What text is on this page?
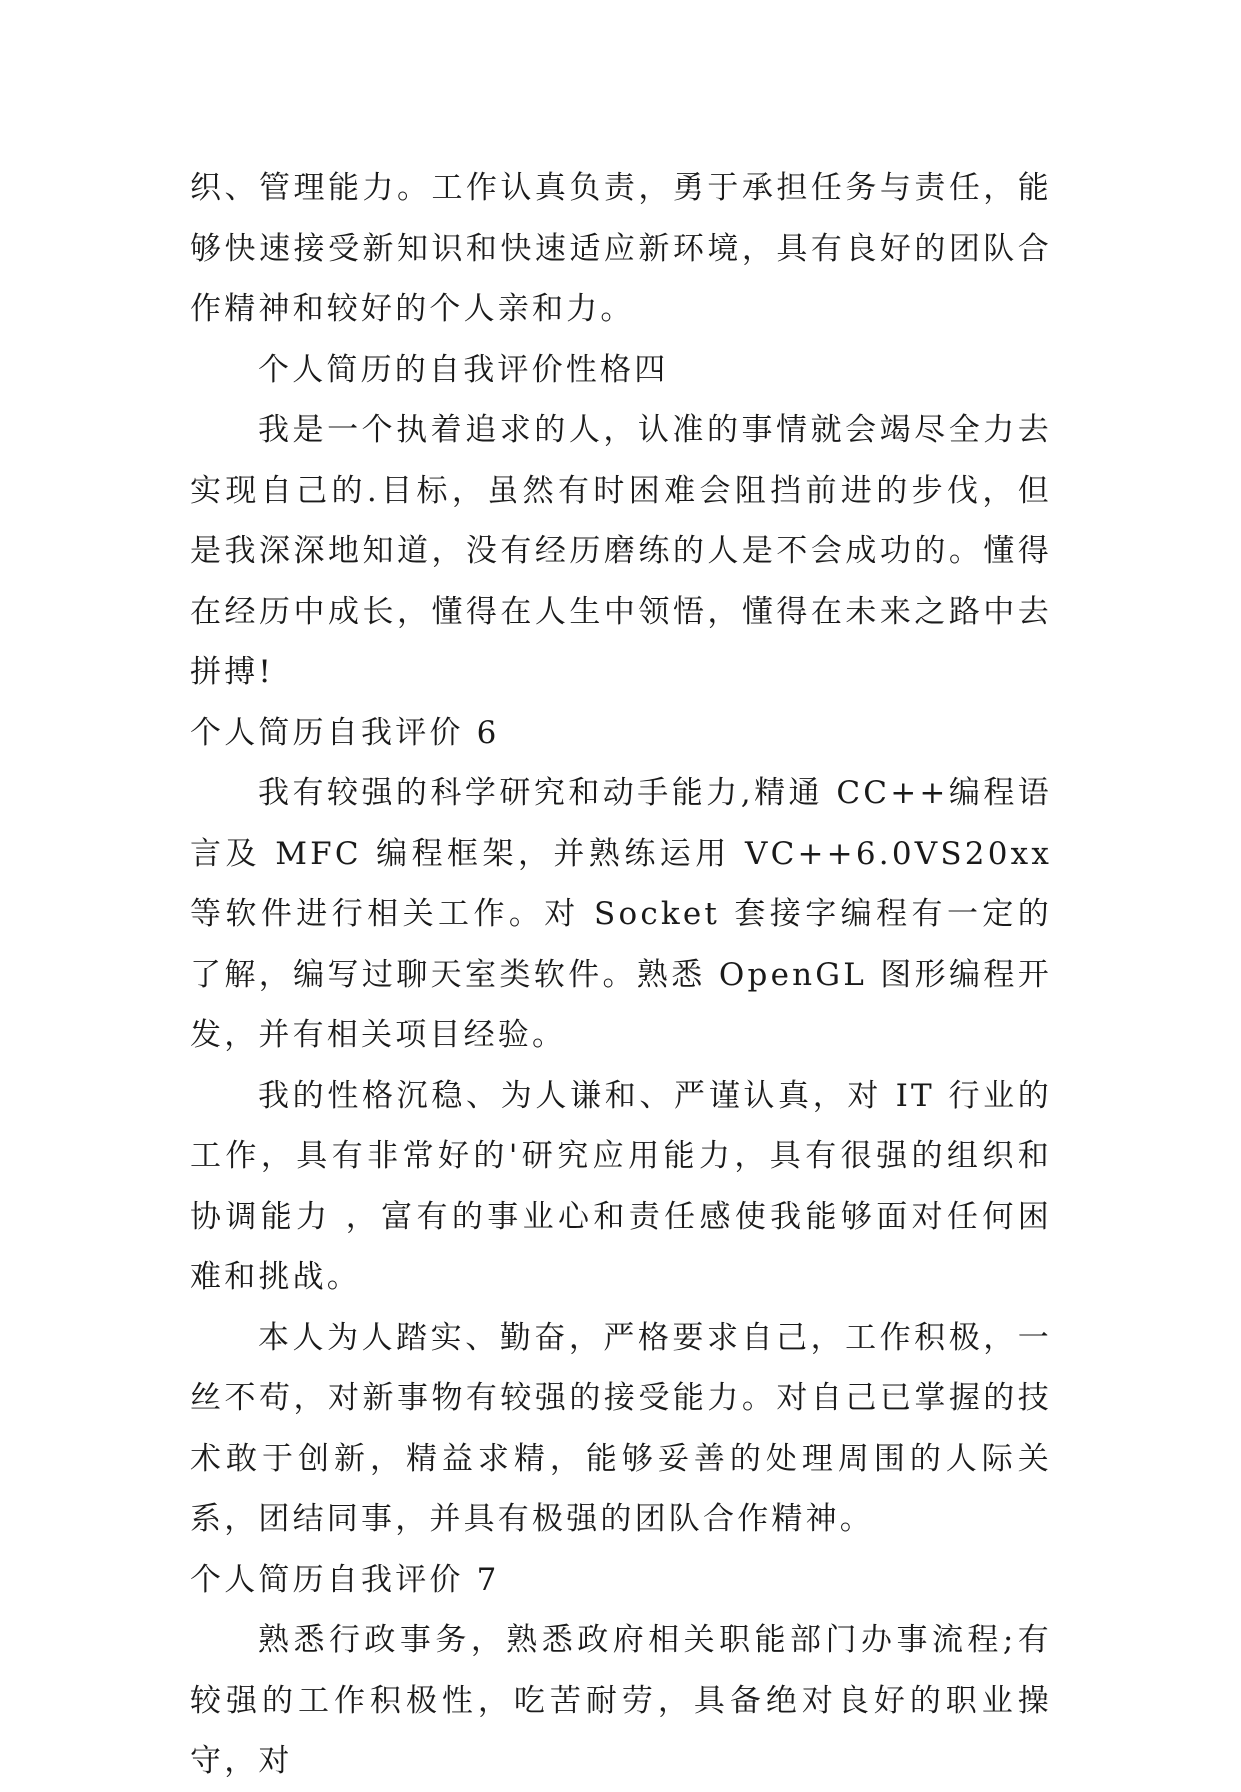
织、管理能力。工作认真负责，勇于承担任务与责任，能够快速接受新知识和快速适应新环境，具有良好的团队合作精神和较好的个人亲和力。

个人简历的自我评价性格四

我是一个执着追求的人，认准的事情就会竭尽全力去实现自己的.目标，虽然有时困难会阻挡前进的步伐，但是我深深地知道，没有经历磨练的人是不会成功的。懂得在经历中成长，懂得在人生中领悟，懂得在未来之路中去拼搏!

个人简历自我评价 6

我有较强的科学研究和动手能力,精通 CC++编程语言及 MFC 编程框架，并熟练运用 VC++6.0VS20xx 等软件进行相关工作。对 Socket 套接字编程有一定的了解，编写过聊天室类软件。熟悉 OpenGL 图形编程开发，并有相关项目经验。

我的性格沉稳、为人谦和、严谨认真，对 IT 行业的工作，具有非常好的'研究应用能力，具有很强的组织和协调能力 ，富有的事业心和责任感使我能够面对任何困难和挑战。

本人为人踏实、勤奋，严格要求自己，工作积极，一丝不苟，对新事物有较强的接受能力。对自己已掌握的技术敢于创新，精益求精，能够妥善的处理周围的人际关系，团结同事，并具有极强的团队合作精神。

个人简历自我评价 7

熟悉行政事务，熟悉政府相关职能部门办事流程;有较强的工作积极性，吃苦耐劳，具备绝对良好的职业操守，对
